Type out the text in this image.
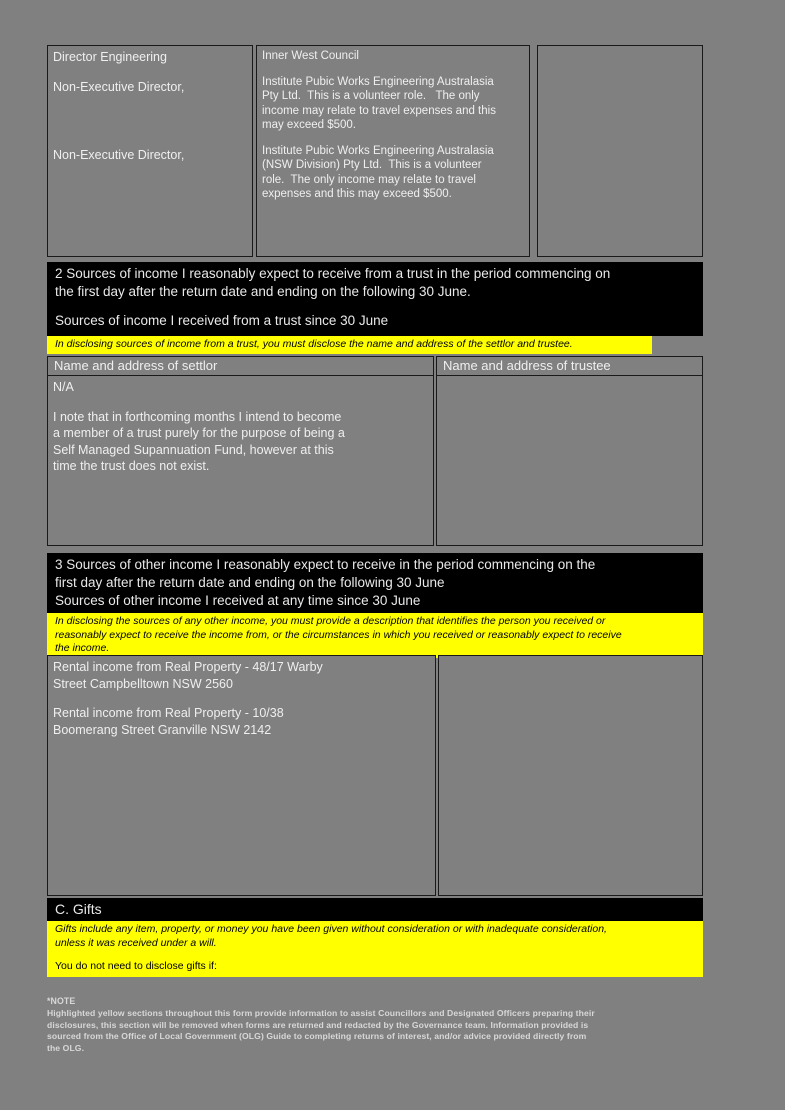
Director Engineering
Non-Executive Director,
Non-Executive Director,
Inner West Council
Institute Pubic Works Engineering Australasia
Pty Ltd.  This is a volunteer role.   The only
income may relate to travel expenses and this
may exceed $500.
Institute Pubic Works Engineering Australasia
(NSW Division) Pty Ltd.  This is a volunteer
role.  The only income may relate to travel
expenses and this may exceed $500.
2 Sources of income I reasonably expect to receive from a trust in the period commencing on
the first day after the return date and ending on the following 30 June.
Sources of income I received from a trust since 30 June
In disclosing sources of income from a trust, you must disclose the name and address of the settlor and trustee.
Name and address of settlor	Name and address of trustee
N/A
I note that in forthcoming months I intend to become
a member of a trust purely for the purpose of being a
Self Managed Supannuation Fund, however at this
time the trust does not exist.
3 Sources of other income I reasonably expect to receive in the period commencing on the
first day after the return date and ending on the following 30 June
Sources of other income I received at any time since 30 June
In disclosing the sources of any other income, you must provide a description that identifies the person you received or
reasonably expect to receive the income from, or the circumstances in which you received or reasonably expect to receive
the income.
Rental income from Real Property - 48/17 Warby
Street Campbelltown NSW 2560
Rental income from Real Property - 10/38
Boomerang Street Granville NSW 2142
C. Gifts
Gifts include any item, property, or money you have been given without consideration or with inadequate consideration,
unless it was received under a will.
You do not need to disclose gifts if:
*NOTE
Highlighted yellow sections throughout this form provide information to assist Councillors and Designated Officers preparing their
disclosures, this section will be removed when forms are returned and redacted by the Governance team. Information provided is
sourced from the Office of Local Government (OLG) Guide to completing returns of interest, and/or advice provided directly from
the OLG.
